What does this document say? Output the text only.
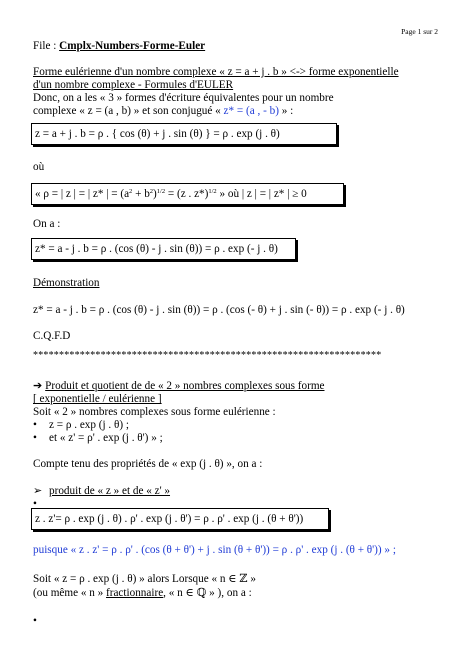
Page 1 sur 2
File : Cmplx-Numbers-Forme-Euler
Forme eulérienne d'un nombre complexe « z = a + j . b » <-> forme exponentielle
d'un nombre complexe - Formules d'EULER
Donc, on a les « 3 » formes d'écriture équivalentes pour un nombre
complexe « z = (a , b) » et son conjugué « z* = (a , - b) » :
z = a + j . b = ρ . { cos (θ) + j . sin (θ) } = ρ . exp (j . θ)
où
« ρ = | z | = | z* | = $(a^2 + b^2)^{1/2} = (z$ . z*)$^{1/2}$ » où | z | = | z* | ≥ 0
On a :
z* = a - j . b = ρ . (cos (θ) - j . sin (θ)) = ρ . exp (- j . θ)
Démonstration
z* = a - j . b = ρ . (cos (θ) - j . sin (θ)) = ρ . (cos (- θ) + j . sin (- θ)) = ρ . exp (- j . θ)
C.Q.F.D
*******************************************************************
➔ Produit et quotient de de « 2 » nombres complexes sous forme
[ exponentielle / eulérienne ]
Soit « 2 » nombres complexes sous forme eulérienne :
• z = ρ . exp (j . θ) ;
• et « z' = ρ' . exp (j . θ') » ;
Compte tenu des propriétés de « exp (j . θ) », on a :
➢ produit de « z » et de « z' »
•
z . z'= ρ . exp (j . θ) . ρ' . exp (j . θ') = ρ . ρ' . exp (j . (θ + θ'))
puisque « z . z' = ρ . ρ' . (cos (θ + θ') + j . sin (θ + θ')) = ρ . ρ' . exp (j . (θ + θ')) » ;
Soit « z = ρ . exp (j . θ) » alors Lorsque « n ∈ ℤ »
(ou même « n » fractionnaire, « n ∈ ℚ » ), on a :
•
